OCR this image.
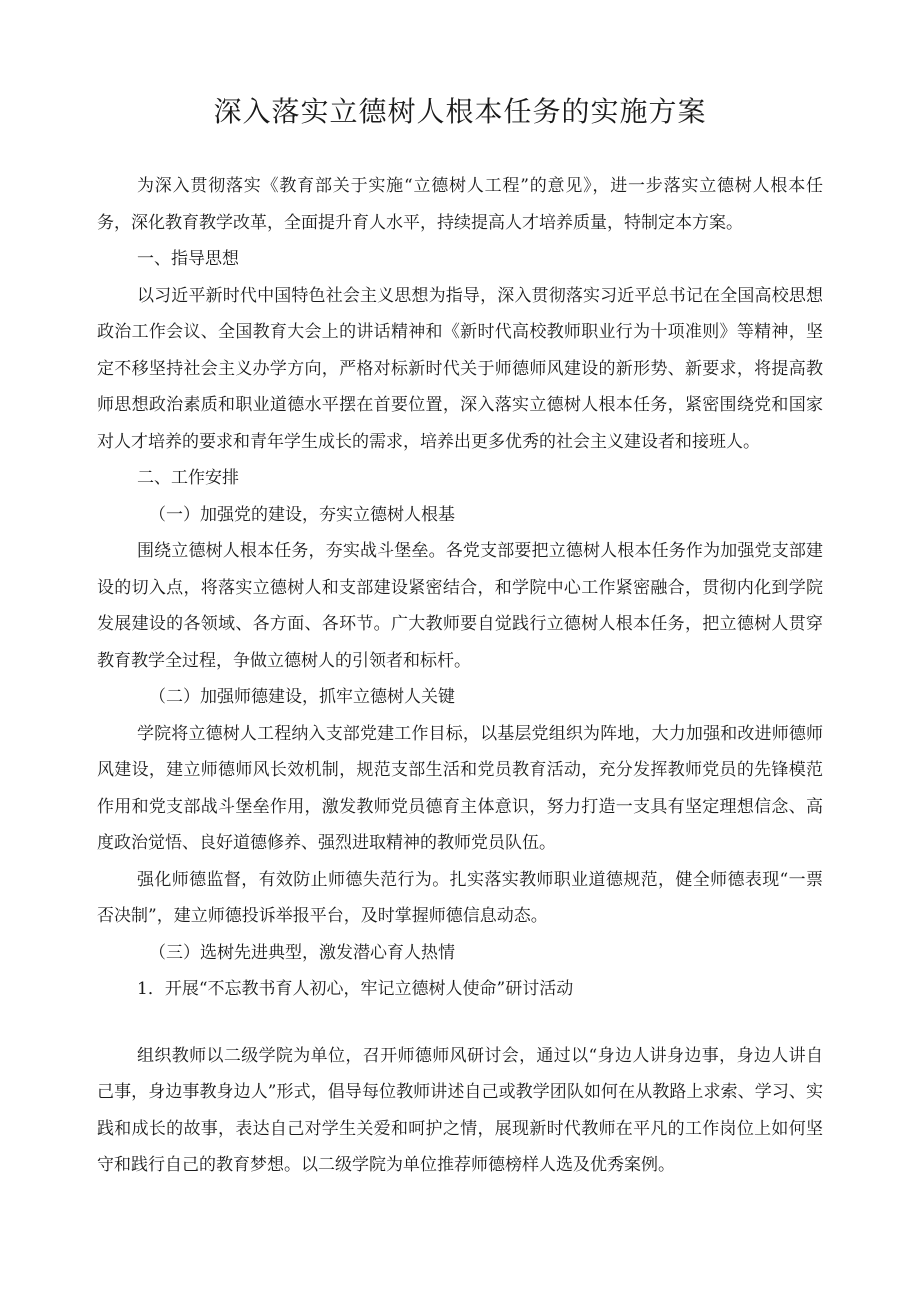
深入落实立德树人根本任务的实施方案

为深入贯彻落实《教育部关于实施“立德树人工程”的意见》，进一步落实立德树人根本任务，深化教育教学改革，全面提升育人水平，持续提高人才培养质量，特制定本方案。

一、指导思想

以习近平新时代中国特色社会主义思想为指导，深入贯彻落实习近平总书记在全国高校思想政治工作会议、全国教育大会上的讲话精神和《新时代高校教师职业行为十项准则》等精神，坚定不移坚持社会主义办学方向，严格对标新时代关于师德师风建设的新形势、新要求，将提高教师思想政治素质和职业道德水平摆在首要位置，深入落实立德树人根本任务，紧密围绕党和国家对人才培养的要求和青年学生成长的需求，培养出更多优秀的社会主义建设者和接班人。

二、工作安排

（一）加强党的建设，夯实立德树人根基

围绕立德树人根本任务，夯实战斗堡垒。各党支部要把立德树人根本任务作为加强党支部建设的切入点，将落实立德树人和支部建设紧密结合，和学院中心工作紧密融合，贯彻内化到学院发展建设的各领域、各方面、各环节。广大教师要自觉践行立德树人根本任务，把立德树人贯穿教育教学全过程，争做立德树人的引领者和标杆。

（二）加强师德建设，抓牢立德树人关键

学院将立德树人工程纳入支部党建工作目标，以基层党组织为阵地，大力加强和改进师德师风建设，建立师德师风长效机制，规范支部生活和党员教育活动，充分发挥教师党员的先锋模范作用和党支部战斗堡垒作用，激发教师党员德育主体意识，努力打造一支具有坚定理想信念、高度政治觉悟、良好道德修养、强烈进取精神的教师党员队伍。

强化师德监督，有效防止师德失范行为。扎实落实教师职业道德规范，健全师德表现“一票否决制”，建立师德投诉举报平台，及时掌握师德信息动态。

（三）选树先进典型，激发潜心育人热情

1．开展“不忘教书育人初心，牢记立德树人使命”研讨活动

组织教师以二级学院为单位，召开师德师风研讨会，通过以“身边人讲身边事，身边人讲自己事，身边事教身边人”形式，倡导每位教师讲述自己或教学团队如何在从教路上求索、学习、实践和成长的故事，表达自己对学生关爱和呵护之情，展现新时代教师在平凡的工作岗位上如何坚守和践行自己的教育梦想。以二级学院为单位推荐师德榜样人选及优秀案例。
